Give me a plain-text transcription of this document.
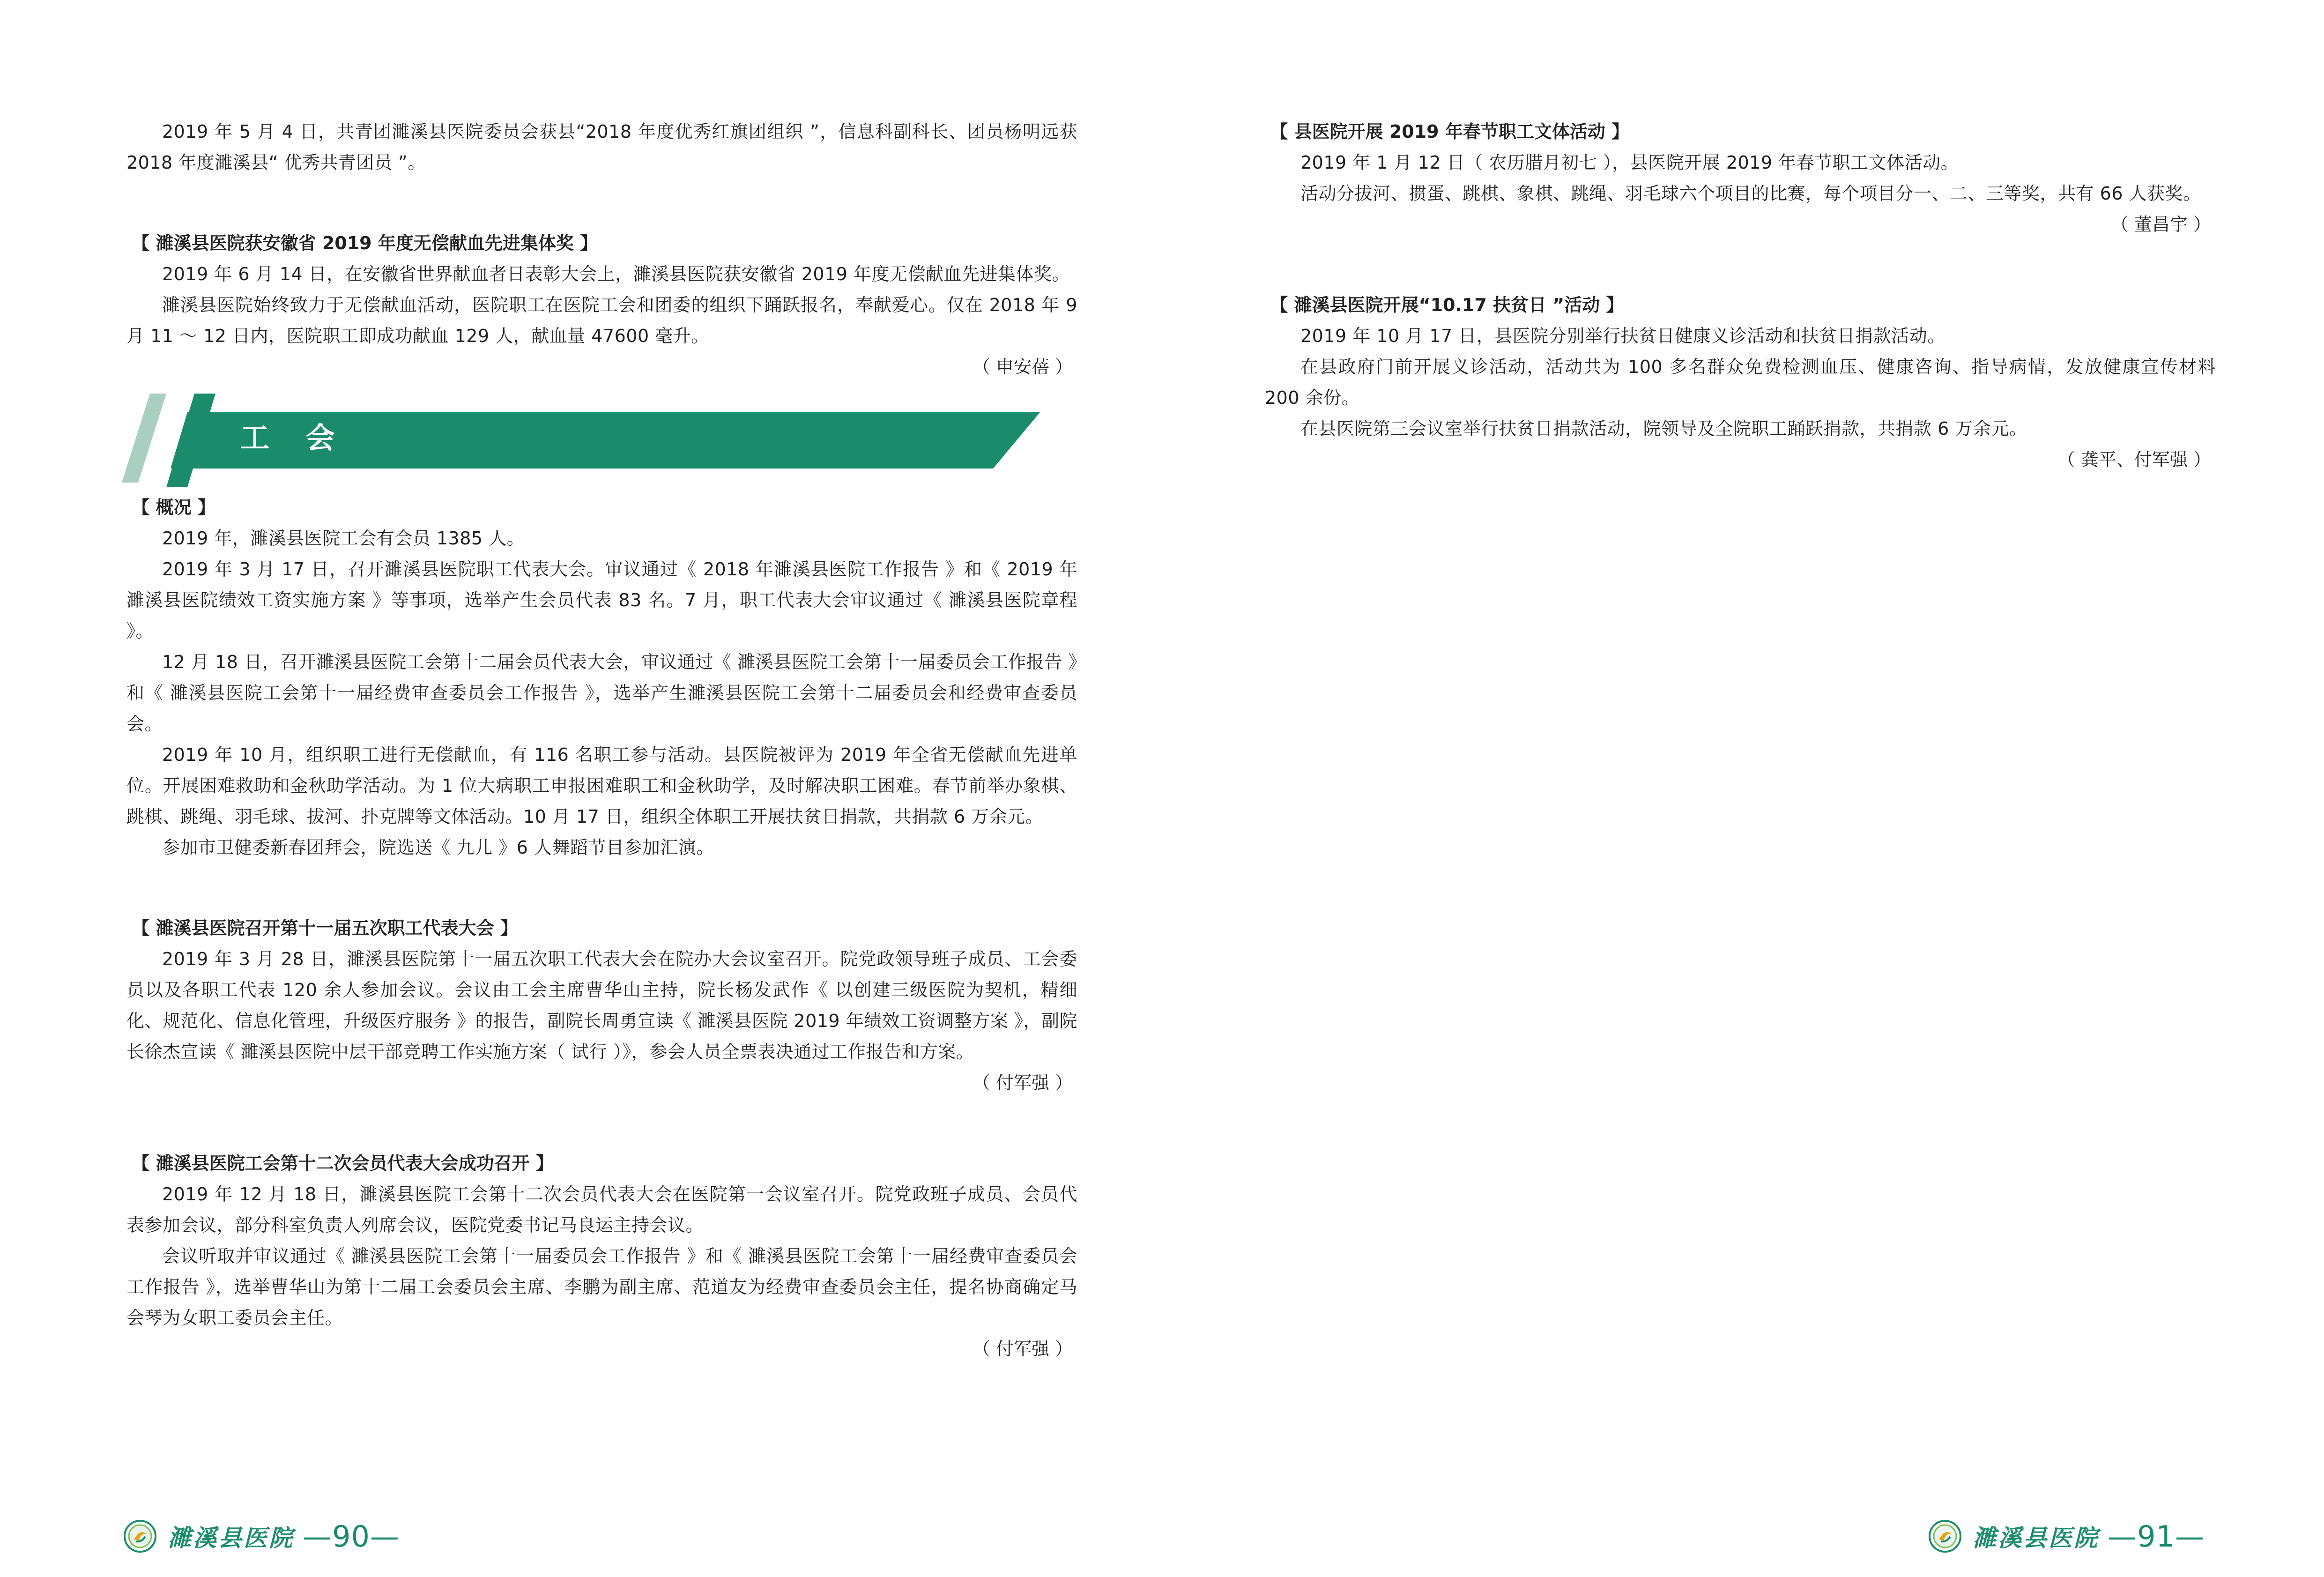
2019 年 5 月 4 日，共青团濉溪县医院委员会获县“2018 年度优秀红旗团组织 ”，信息科副科长、团员杨明远获 2018 年度濉溪县“ 优秀共青团员 ”。

【 濉溪县医院获安徽省 2019 年度无偿献血先进集体奖 】

2019 年 6 月 14 日，在安徽省世界献血者日表彰大会上，濉溪县医院获安徽省 2019 年度无偿献血先进集体奖。

濉溪县医院始终致力于无偿献血活动，医院职工在医院工会和团委的组织下踊跃报名，奉献爱心。仅在 2018 年 9 月 11 ～ 12 日内，医院职工即成功献血 129 人，献血量 47600 毫升。

（ 申安蓓 ）

工 会

【 概况 】

2019 年，濉溪县医院工会有会员 1385 人。

2019 年 3 月 17 日，召开濉溪县医院职工代表大会。审议通过《 2018 年濉溪县医院工作报告 》和《 2019 年濉溪县医院绩效工资实施方案 》等事项，选举产生会员代表 83 名。7 月，职工代表大会审议通过《 濉溪县医院章程 》。

12 月 18 日，召开濉溪县医院工会第十二届会员代表大会，审议通过《 濉溪县医院工会第十一届委员会工作报告 》和《 濉溪县医院工会第十一届经费审查委员会工作报告 》，选举产生濉溪县医院工会第十二届委员会和经费审查委员会。

2019 年 10 月，组织职工进行无偿献血，有 116 名职工参与活动。县医院被评为 2019 年全省无偿献血先进单位。开展困难救助和金秋助学活动。为 1 位大病职工申报困难职工和金秋助学，及时解决职工困难。春节前举办象棋、跳棋、跳绳、羽毛球、拔河、扑克牌等文体活动。10 月 17 日，组织全体职工开展扶贫日捐款，共捐款 6 万余元。

参加市卫健委新春团拜会，院选送《 九儿 》6 人舞蹈节目参加汇演。

【 濉溪县医院召开第十一届五次职工代表大会 】

2019 年 3 月 28 日，濉溪县医院第十一届五次职工代表大会在院办大会议室召开。院党政领导班子成员、工会委员以及各职工代表 120 余人参加会议。会议由工会主席曹华山主持，院长杨发武作《 以创建三级医院为契机，精细化、规范化、信息化管理，升级医疗服务 》的报告，副院长周勇宣读《 濉溪县医院 2019 年绩效工资调整方案 》，副院长徐杰宣读《 濉溪县医院中层干部竞聘工作实施方案（ 试行 ）》，参会人员全票表决通过工作报告和方案。

（ 付军强 ）

【 濉溪县医院工会第十二次会员代表大会成功召开 】

2019 年 12 月 18 日，濉溪县医院工会第十二次会员代表大会在医院第一会议室召开。院党政班子成员、会员代表参加会议，部分科室负责人列席会议，医院党委书记马良运主持会议。

会议听取并审议通过《 濉溪县医院工会第十一届委员会工作报告 》和《 濉溪县医院工会第十一届经费审查委员会工作报告 》，选举曹华山为第十二届工会委员会主席、李鹏为副主席、范道友为经费审查委员会主任，提名协商确定马会琴为女职工委员会主任。

（ 付军强 ）

濉溪县医院 —90—

【 县医院开展 2019 年春节职工文体活动 】

2019 年 1 月 12 日（ 农历腊月初七 ），县医院开展 2019 年春节职工文体活动。

活动分拔河、掼蛋、跳棋、象棋、跳绳、羽毛球六个项目的比赛，每个项目分一、二、三等奖，共有 66 人获奖。

（ 董昌宇 ）

【 濉溪县医院开展“10.17 扶贫日 ”活动 】

2019 年 10 月 17 日，县医院分别举行扶贫日健康义诊活动和扶贫日捐款活动。

在县政府门前开展义诊活动，活动共为 100 多名群众免费检测血压、健康咨询、指导病情，发放健康宣传材料 200 余份。

在县医院第三会议室举行扶贫日捐款活动，院领导及全院职工踊跃捐款，共捐款 6 万余元。

（ 龚平、付军强 ）

濉溪县医院 —91—
